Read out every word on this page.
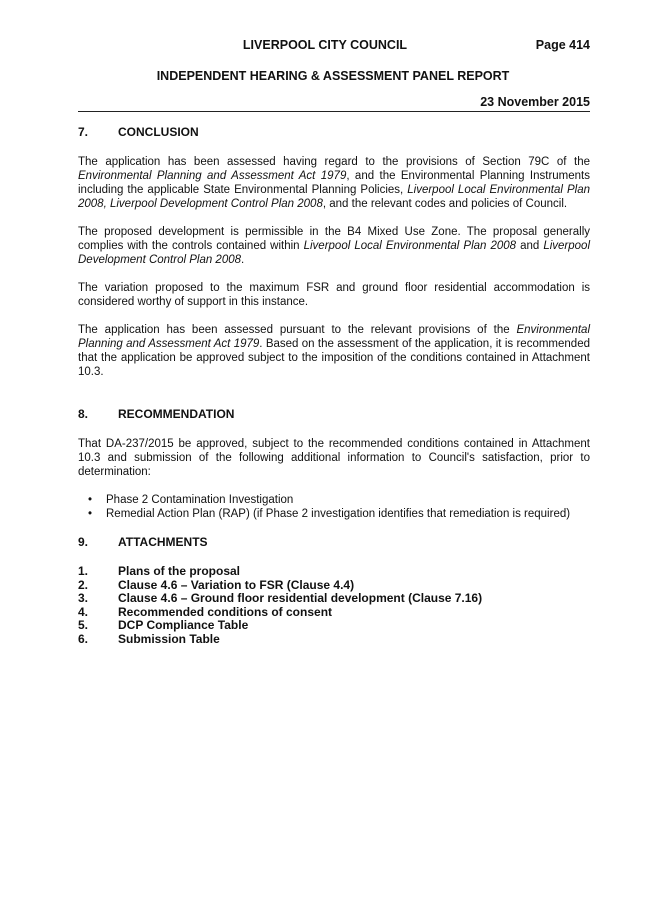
LIVERPOOL CITY COUNCIL	Page 414
INDEPENDENT HEARING & ASSESSMENT PANEL REPORT
23 November 2015
7.	CONCLUSION

The application has been assessed having regard to the provisions of Section 79C of the Environmental Planning and Assessment Act 1979, and the Environmental Planning Instruments including the applicable State Environmental Planning Policies, Liverpool Local Environmental Plan 2008, Liverpool Development Control Plan 2008, and the relevant codes and policies of Council.

The proposed development is permissible in the B4 Mixed Use Zone. The proposal generally complies with the controls contained within Liverpool Local Environmental Plan 2008 and Liverpool Development Control Plan 2008.

The variation proposed to the maximum FSR and ground floor residential accommodation is considered worthy of support in this instance.

The application has been assessed pursuant to the relevant provisions of the Environmental Planning and Assessment Act 1979. Based on the assessment of the application, it is recommended that the application be approved subject to the imposition of the conditions contained in Attachment 10.3.

8.	RECOMMENDATION

That DA-237/2015 be approved, subject to the recommended conditions contained in Attachment 10.3 and submission of the following additional information to Council's satisfaction, prior to determination:

•	Phase 2 Contamination Investigation
•	Remedial Action Plan (RAP) (if Phase 2 investigation identifies that remediation is required)
9.	ATTACHMENTS
1.	Plans of the proposal
2.	Clause 4.6 – Variation to FSR (Clause 4.4)
3.	Clause 4.6 – Ground floor residential development (Clause 7.16)
4.	Recommended conditions of consent
5.	DCP Compliance Table
6.	Submission Table
